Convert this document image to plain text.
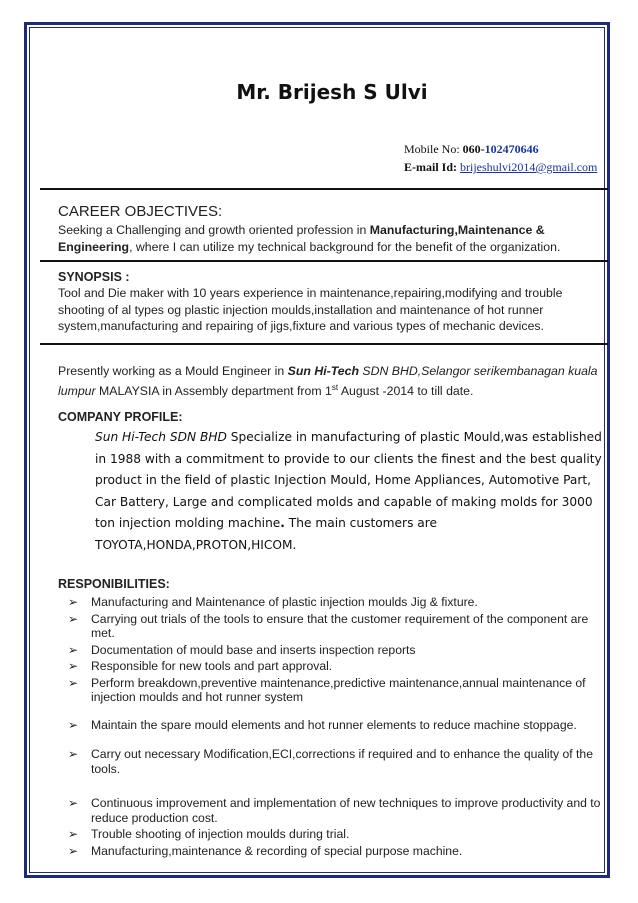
Mr. Brijesh S Ulvi
Mobile No: 060-102470646
E-mail Id: brijeshulvi2014@gmail.com
CAREER OBJECTIVES:
Seeking a Challenging and growth oriented profession in Manufacturing,Maintenance &
Engineering, where I can utilize my technical background for the benefit of the organization.
SYNOPSIS :
Tool and Die maker with 10 years experience in maintenance,repairing,modifying and trouble shooting of al types og plastic injection moulds,installation and maintenance of hot runner system,manufacturing and repairing of jigs,fixture and various types of mechanic devices.
Presently working as a Mould Engineer in Sun Hi-Tech SDN BHD,Selangor serikembanagan kuala lumpur MALAYSIA in Assembly department from 1st August -2014 to till date.
COMPANY PROFILE:
Sun Hi-Tech SDN BHD Specialize in manufacturing of plastic Mould,was established in 1988 with a commitment to provide to our clients the finest and the best quality product in the field of plastic Injection Mould, Home Appliances, Automotive Part, Car Battery, Large and complicated molds and capable of making molds for 3000 ton injection molding machine. The main customers are
TOYOTA,HONDA,PROTON,HICOM.
RESPONIBILITIES:
➢ Manufacturing and Maintenance of plastic injection moulds Jig & fixture.
➢ Carrying out trials of the tools to ensure that the customer requirement of the component are met.
➢ Documentation of mould base and inserts inspection reports
➢ Responsible for new tools and part approval.
➢ Perform breakdown,preventive maintenance,predictive maintenance,annual maintenance of injection moulds and hot runner system
➢ Maintain the spare mould elements and hot runner elements to reduce machine stoppage.
➢ Carry out necessary Modification,ECI,corrections if required and to enhance the quality of the tools.
➢ Continuous improvement and implementation of new techniques to improve productivity and to reduce production cost.
➢ Trouble shooting of injection moulds during trial.
➢ Manufacturing,maintenance & recording of special purpose machine.
